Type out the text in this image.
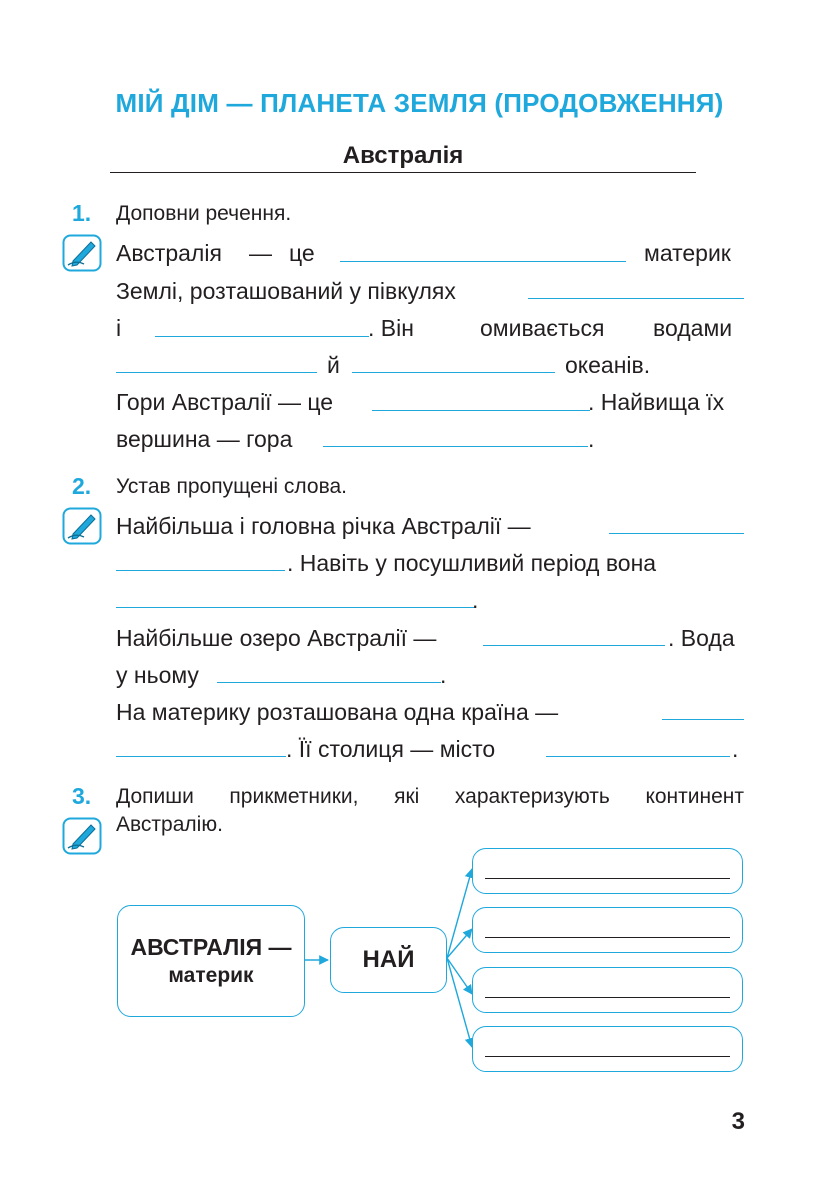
МІЙ ДІМ — ПЛАНЕТА ЗЕМЛЯ (ПРОДОВЖЕННЯ)
Австралія
1. Доповни речення.
Австралія — це	материк
Землі, розташований у півкулях
і	. Він	омивається водами
й	океанів.
Гори Австралії — це	. Найвища їх
вершина — гора	.
2. Устав пропущені слова.
Найбільша і головна річка Австралії —
. Навіть у посушливий період вона
.
Найбільше озеро Австралії —	. Вода
у ньому	.
На материку розташована одна країна —
. Її столиця — місто	.
3. Допиши прикметники, які характеризують континент
Австралію.
АВСТРАЛІЯ —
материк
НАЙ
3
